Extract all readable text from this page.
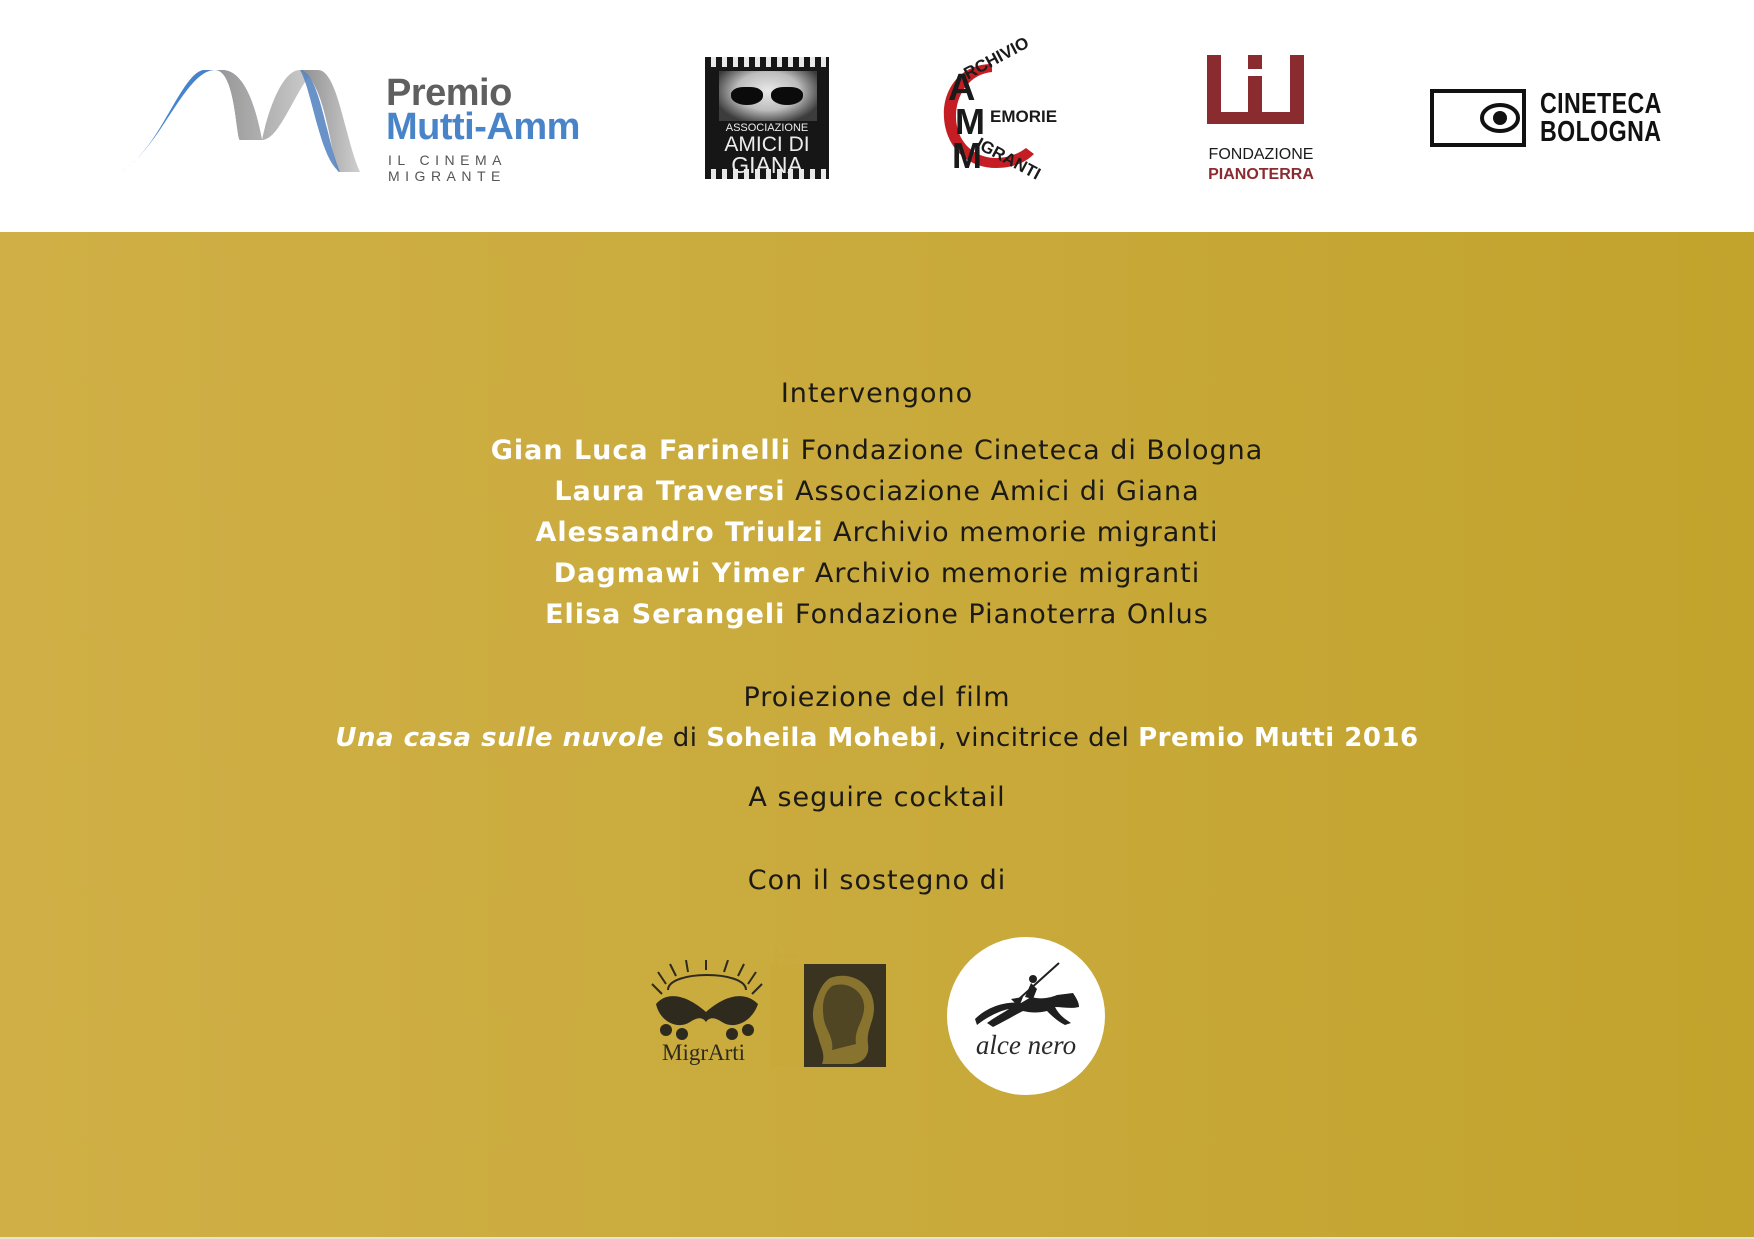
Premio
Mutti-Amm
IL CINEMA MIGRANTE
ASSOCIAZIONE
AMICI DI
GIANA
A
M
M
RCHIVIO
EMORIE
IGRANTI	FONDAZIONE
PIANOTERRA
CINETECA
BOLOGNA
Intervengono
Gian Luca Farinelli Fondazione Cineteca di Bologna
Laura Traversi Associazione Amici di Giana
Alessandro Triulzi Archivio memorie migranti
Dagmawi Yimer Archivio memorie migranti
Elisa Serangeli Fondazione Pianoterra Onlus
Proiezione del film
Una casa sulle nuvole di Soheila Mohebi, vincitrice del Premio Mutti 2016
A seguire cocktail
Con il sostegno di
MigrArti MiBACT	alce nero
